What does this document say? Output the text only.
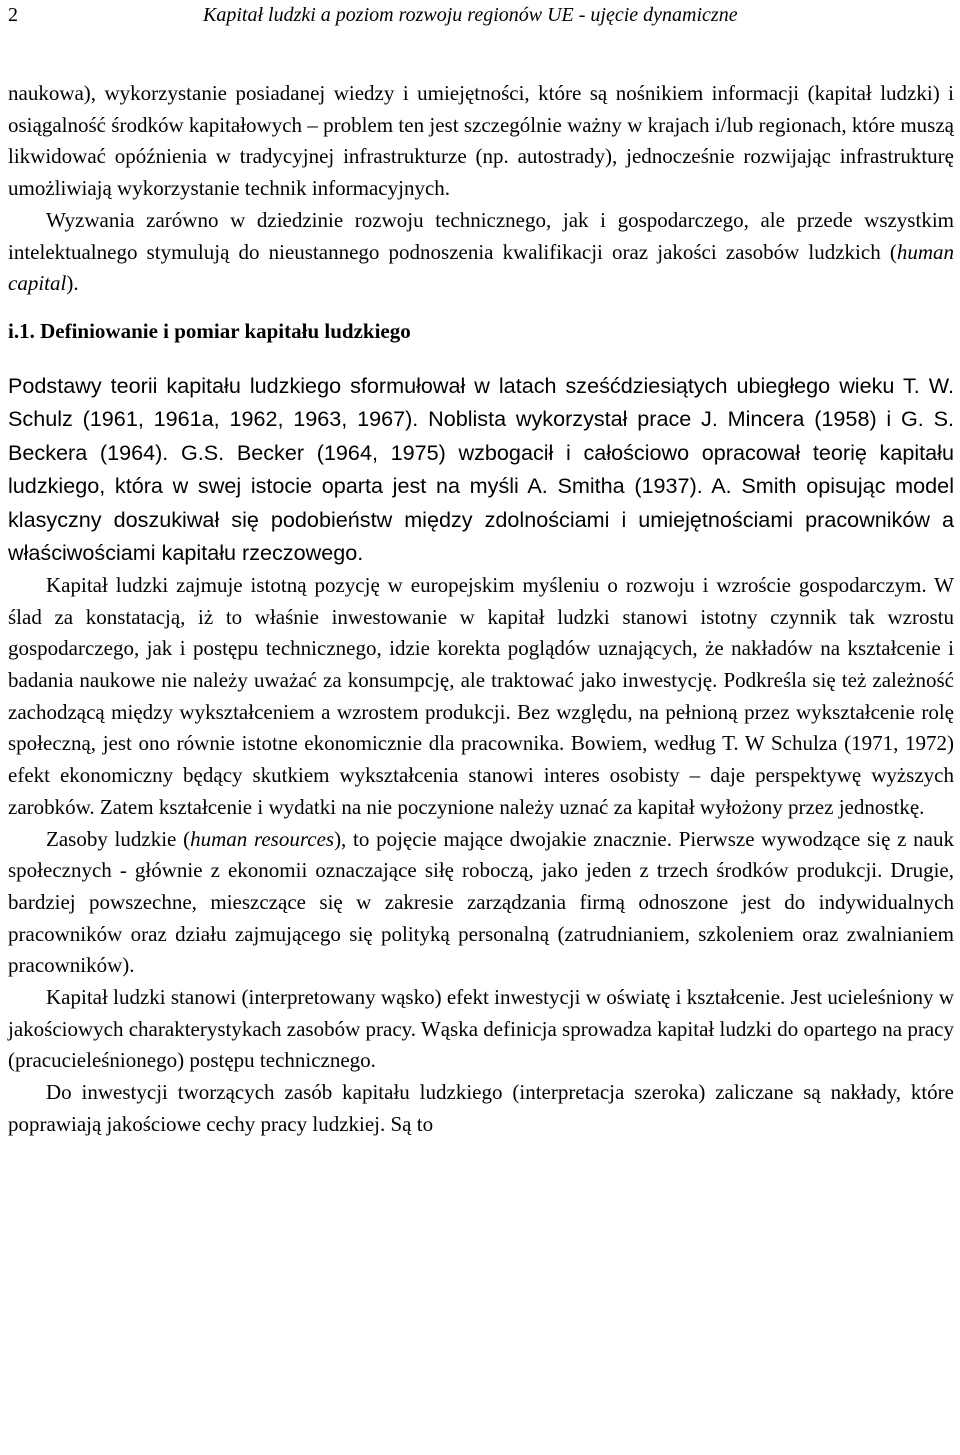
2	Kapitał ludzki a poziom rozwoju regionów UE - ujęcie dynamiczne

naukowa), wykorzystanie posiadanej wiedzy i umiejętności, które są nośnikiem informacji (kapitał ludzki) i osiągalność środków kapitałowych – problem ten jest szczególnie ważny w krajach i/lub regionach, które muszą likwidować opóźnienia w tradycyjnej infrastrukturze (np. autostrady), jednocześnie rozwijając infrastrukturę umożliwiają wykorzystanie technik informacyjnych.

Wyzwania zarówno w dziedzinie rozwoju technicznego, jak i gospodarczego, ale przede wszystkim intelektualnego stymulują do nieustannego podnoszenia kwalifikacji oraz jakości zasobów ludzkich (human capital).

i.1. Definiowanie i pomiar kapitału ludzkiego

Podstawy teorii kapitału ludzkiego sformułował w latach sześćdziesiątych ubiegłego wieku T. W. Schulz (1961, 1961a, 1962, 1963, 1967). Noblista wykorzystał prace J. Mincera (1958) i G. S. Beckera (1964). G.S. Becker (1964, 1975) wzbogacił i całościowo opracował teorię kapitału ludzkiego, która w swej istocie oparta jest na myśli A. Smitha (1937). A. Smith opisując model klasyczny doszukiwał się podobieństw między zdolnościami i umiejętnościami pracowników a właściwościami kapitału rzeczowego.

Kapitał ludzki zajmuje istotną pozycję w europejskim myśleniu o rozwoju i wzroście gospodarczym. W ślad za konstatacją, iż to właśnie inwestowanie w kapitał ludzki stanowi istotny czynnik tak wzrostu gospodarczego, jak i postępu technicznego, idzie korekta poglądów uznających, że nakładów na kształcenie i badania naukowe nie należy uważać za konsumpcję, ale traktować jako inwestycję. Podkreśla się też zależność zachodzącą między wykształceniem a wzrostem produkcji. Bez względu, na pełnioną przez wykształcenie rolę społeczną, jest ono równie istotne ekonomicznie dla pracownika. Bowiem, według T. W Schulza (1971, 1972) efekt ekonomiczny będący skutkiem wykształcenia stanowi interes osobisty – daje perspektywę wyższych zarobków. Zatem kształcenie i wydatki na nie poczynione należy uznać za kapitał wyłożony przez jednostkę.

Zasoby ludzkie (human resources), to pojęcie mające dwojakie znacznie. Pierwsze wywodzące się z nauk społecznych - głównie z ekonomii oznaczające siłę roboczą, jako jeden z trzech środków produkcji. Drugie, bardziej powszechne, mieszczące się w zakresie zarządzania firmą odnoszone jest do indywidualnych pracowników oraz działu zajmującego się polityką personalną (zatrudnianiem, szkoleniem oraz zwalnianiem pracowników).

Kapitał ludzki stanowi (interpretowany wąsko) efekt inwestycji w oświatę i kształcenie. Jest ucieleśniony w jakościowych charakterystykach zasobów pracy. Wąska definicja sprowadza kapitał ludzki do opartego na pracy (pracucieleśnionego) postępu technicznego.

Do inwestycji tworzących zasób kapitału ludzkiego (interpretacja szeroka) zaliczane są nakłady, które poprawiają jakościowe cechy pracy ludzkiej. Są to
